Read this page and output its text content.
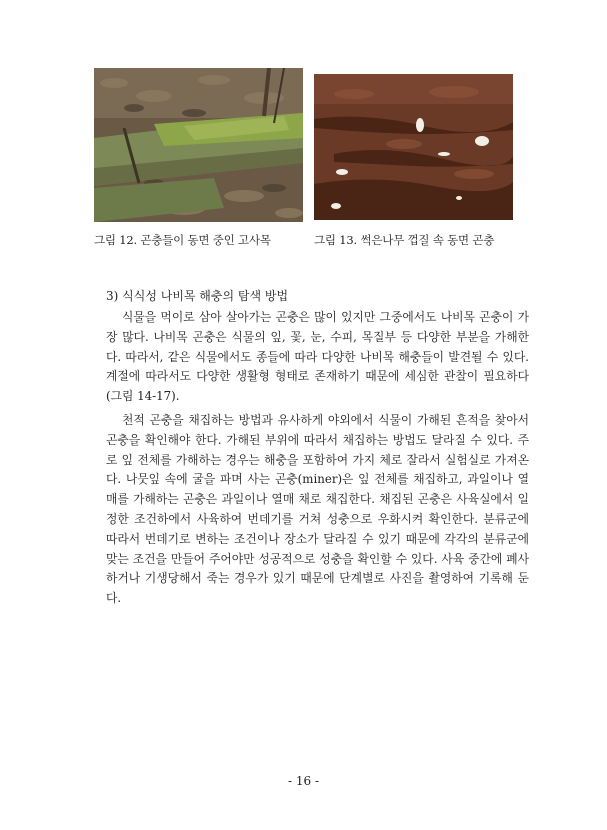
그림 12. 곤충들이 동면 중인 고사목	그림 13. 썩은나무 껍질 속 동면 곤충
3) 식식성 나비목 해충의 탐색 방법

식물을 먹이로 삼아 살아가는 곤충은 많이 있지만 그중에서도 나비목 곤충이 가장 많다. 나비목 곤충은 식물의 잎, 꽃, 눈, 수피, 목질부 등 다양한 부분을 가해한다. 따라서, 같은 식물에서도 종들에 따라 다양한 나비목 해충들이 발견될 수 있다. 계절에 따라서도 다양한 생활형 형태로 존재하기 때문에 세심한 관찰이 필요하다(그림 14-17).

천적 곤충을 채집하는 방법과 유사하게 야외에서 식물이 가해된 흔적을 찾아서 곤충을 확인해야 한다. 가해된 부위에 따라서 채집하는 방법도 달라질 수 있다. 주로 잎 전체를 가해하는 경우는 해충을 포함하여 가지 체로 잘라서 실험실로 가져온다. 나뭇잎 속에 굴을 파며 사는 곤충(miner)은 잎 전체를 채집하고, 과일이나 열매를 가해하는 곤충은 과일이나 열매 채로 채집한다. 채집된 곤충은 사육실에서 일정한 조건하에서 사육하여 번데기를 거쳐 성충으로 우화시켜 확인한다. 분류군에 따라서 번데기로 변하는 조건이나 장소가 달라질 수 있기 때문에 각각의 분류군에 맞는 조건을 만들어 주어야만 성공적으로 성충을 확인할 수 있다. 사육 중간에 폐사하거나 기생당해서 죽는 경우가 있기 때문에 단계별로 사진을 촬영하여 기록해 둔다.

- 16 -
